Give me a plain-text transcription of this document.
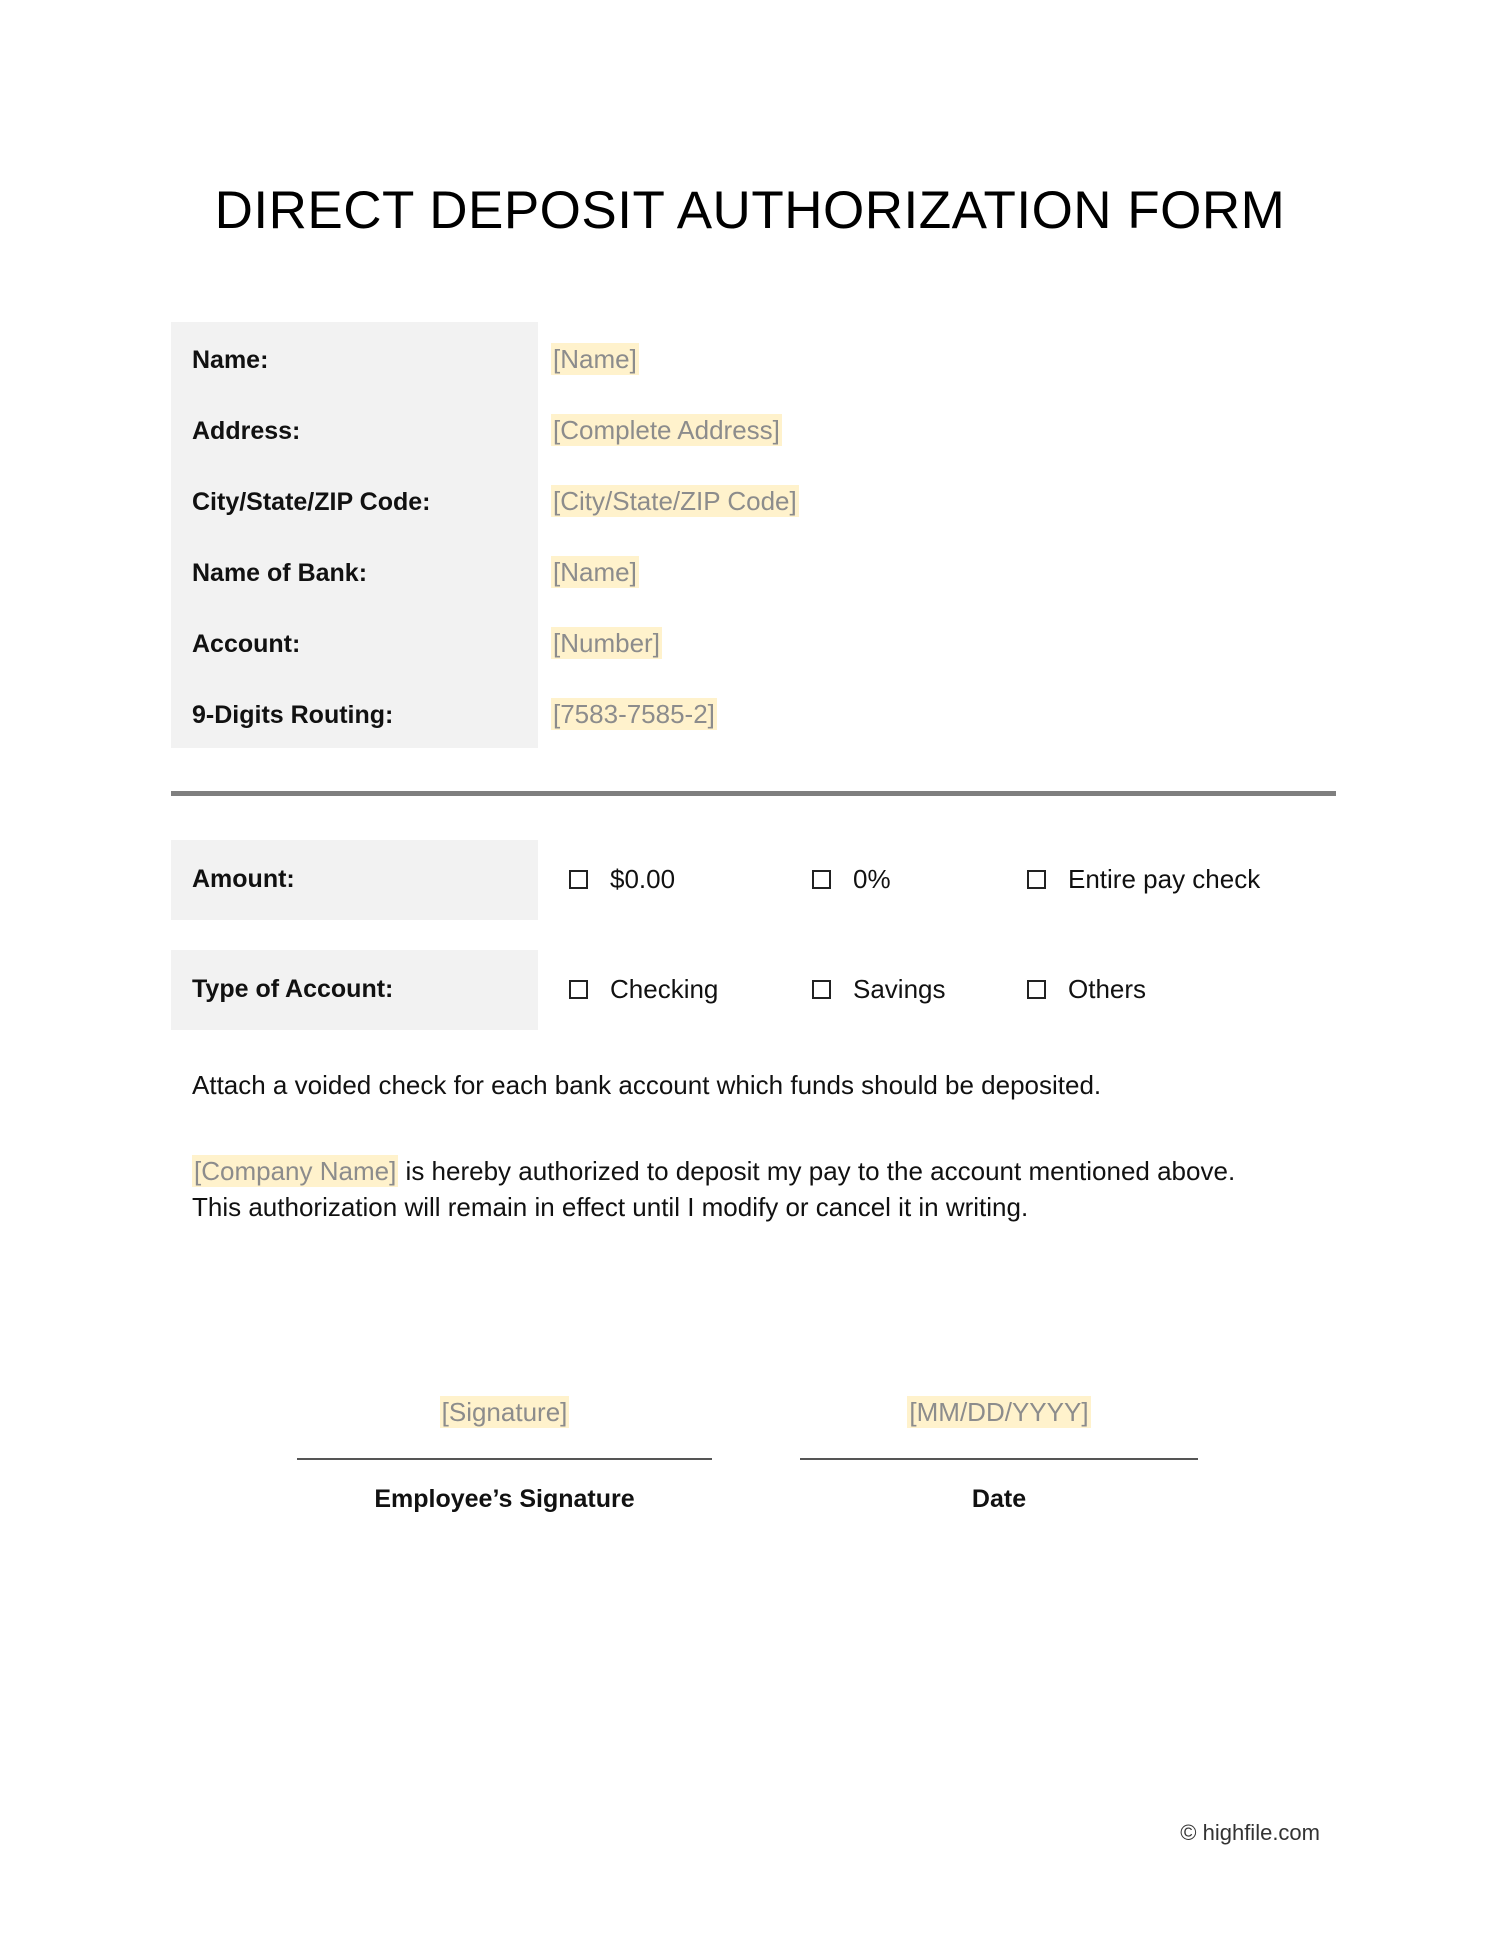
DIRECT DEPOSIT AUTHORIZATION FORM
Name:	[Name]
Address:	[Complete Address]
City/State/ZIP Code:	[City/State/ZIP Code]
Name of Bank:	[Name]
Account:	[Number]
9-Digits Routing:	[7583-7585-2]
Amount:	$0.00	0%	Entire pay check
Type of Account:	Checking	Savings	Others
Attach a voided check for each bank account which funds should be deposited.
[Company Name] is hereby authorized to deposit my pay to the account mentioned above.
This authorization will remain in effect until I modify or cancel it in writing.
[Signature]
Employee’s Signature
[MM/DD/YYYY]
Date
© highfile.com
